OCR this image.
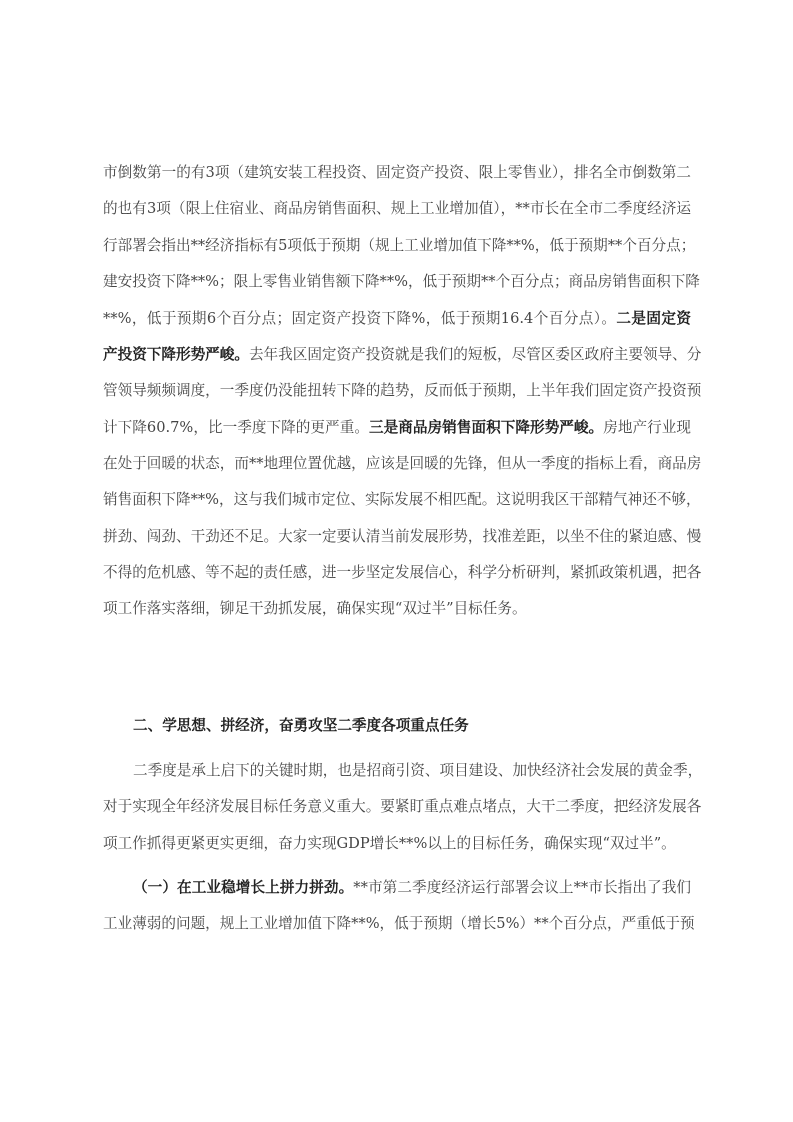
市倒数第一的有3项（建筑安装工程投资、固定资产投资、限上零售业），排名全市倒数第二
的也有3项（限上住宿业、商品房销售面积、规上工业增加值），**市长在全市二季度经济运
行部署会指出**经济指标有5项低于预期（规上工业增加值下降**%，低于预期**个百分点；
建安投资下降**%；限上零售业销售额下降**%，低于预期**个百分点；商品房销售面积下降
**%，低于预期6个百分点；固定资产投资下降%，低于预期16.4个百分点）。二是固定资
产投资下降形势严峻。去年我区固定资产投资就是我们的短板，尽管区委区政府主要领导、分
管领导频频调度，一季度仍没能扭转下降的趋势，反而低于预期，上半年我们固定资产投资预
计下降60.7%，比一季度下降的更严重。三是商品房销售面积下降形势严峻。房地产行业现
在处于回暖的状态，而**地理位置优越，应该是回暖的先锋，但从一季度的指标上看，商品房
销售面积下降**%，这与我们城市定位、实际发展不相匹配。这说明我区干部精气神还不够，
拼劲、闯劲、干劲还不足。大家一定要认清当前发展形势，找准差距，以坐不住的紧迫感、慢
不得的危机感、等不起的责任感，进一步坚定发展信心，科学分析研判，紧抓政策机遇，把各
项工作落实落细，铆足干劲抓发展，确保实现“双过半”目标任务。
二、学思想、拼经济，奋勇攻坚二季度各项重点任务
二季度是承上启下的关键时期，也是招商引资、项目建设、加快经济社会发展的黄金季，
对于实现全年经济发展目标任务意义重大。要紧盯重点难点堵点，大干二季度，把经济发展各
项工作抓得更紧更实更细，奋力实现GDP增长**%以上的目标任务，确保实现“双过半”。
（一）在工业稳增长上拼力拼劲。**市第二季度经济运行部署会议上**市长指出了我们
工业薄弱的问题，规上工业增加值下降**%，低于预期（增长5%）**个百分点，严重低于预
